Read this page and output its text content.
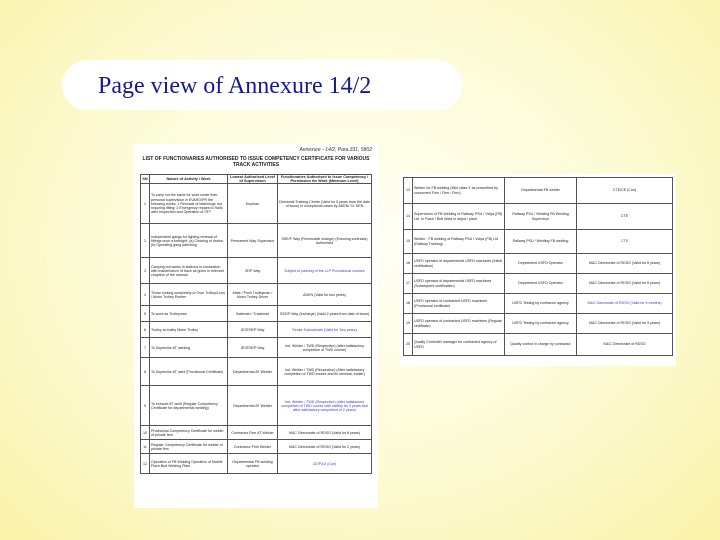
Page view of Annexure 14/2
Annexure - 14/2, Para 331, 5802
LIST OF FUNCTIONARIES AUTHORISED TO ISSUE COMPETENCY CERTIFICATE FOR VARIOUS TRACK ACTIVITIES
SN	Nature of Activity / Work	Lowest Authorised Level of Supervision	Functionaries Authorised to Issue Competency / Permission for Work (Minimum Level)
1	To carry out the same for work under their personal supervision in EVARO/PR the following works: 1 Renewal of fastenings not requiring lifting; 2 Emergency repairs to Rails after Inspection and Operation of SFT	Keyman	Divisional Training Centre (Valid for 5 years from the date of issue) In exceptional cases by ADEN/ Sr. DEN
2	Independent gangs for lighting renewal of fittings once a fortnight; (a) Clearing of drains; (b) Operating gang patrolling	Permanent Way Supervisor	SSE/P Way (Removable change) (Ensuring contracts) Authorised
3	Carrying out works in stations in connection with maintenance of track as given in relevant chapters of the manual	JE/P Way	Subject to passing of the LLP Promotional courses
4	Those looking completely to Over Trolley/Lorry / Motor Trolley Pusher	Mate / Push Trolleyman / Motor Trolley Driver	ADEN (Valid for two years)
5	To work as Trolleyman	Gateman / Trackman	SSE/P Way (Incharge) (Valid 2 years from date of issue)
6	Trolley at trolley Motor Trolley	JE/SSE/P Way	Senior Subordinate (Valid for Two years)
7	To Supervise AT welding	JE/SSE/P Way	Ind. Welder / TWD (Respective) (after satisfactory completion of TWD course)
8	To Supervise AT weld (Provisional Certificate)	Departmental AT Welder	Ind. Welder / TWD (Respective) (After satisfactory completion of TWD course and its renewal, earlier)
9	To execute AT weld (Regular Competency Certificate for departmental welding)	Departmental AT Welder	Ind. Welder / TWD (Respective) (after satisfactory completion of TWD course with validity for 3 years and after satisfactory completion of 2 years)
10	Provisional Competency Certificate for welder of private firm	Contractor Firm AT Welder	M&C Directorate of RDSO (Valid for 6 years)
11	Regular Competency Certificate for welder of private firm	Contractor Firm Welder	M&C Directorate of RDSO (Valid for 2 years)
12	Operation of FB Welding Operation of Mobile Flash Butt Welding Plant	Departmental FB welding operator	CE/P&D (Con)
13	Welder for FB welding (Mini class X as prescribed by concerned Firm / Firm / Firm)	Departmental FB welder	CTE/CE (Con)
14	Supervision of FB Welding of Railway PSU / Vidya (FB) Ltd. In Flash / Butt Weld in depot / plant	Railway PSU / Welding FB Welding Supervisor	CTE
15	Welder - FB welding of Railway PSU / Vidya (FB) Ltd (Railway Training)	Railway PSU / Welding FB welding	CTE
16	USFD operator of departmental USFD machines (Initial certification)	Department USFD Operator	M&C Directorate of RDSO (Valid for 5 years)
17	USFD operator of departmental USFD machines (Subsequent certification)	Department USFD Operator	M&C Directorate of RDSO (Valid for 5 years)
18	USFD operator of contracted USFD machines (Provisional certificate)	USFD Testing by contractor agency	M&C Directorate of RDSO (Valid for 6 months)
19	USFD operator of contracted USFD machines (Regular certificate)	USFD Testing by contractor agency	M&C Directorate of RDSO (Valid for 3 years)
20	Quality Controller manager for contracted agency of USFD	Quality control in charge by contractor	M&C Directorate of RDSO
